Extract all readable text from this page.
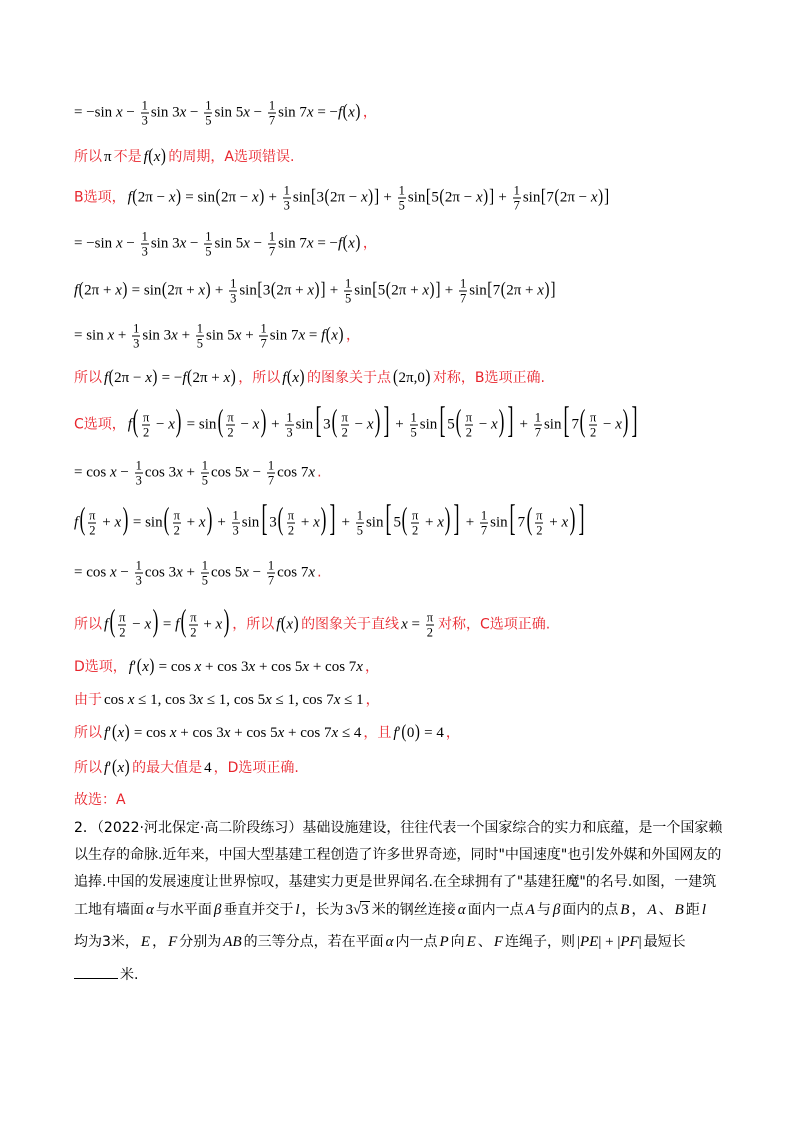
= −sin $x - \frac{1}{3}$ $\sin 3x - \frac{1}{5}$ $\sin 5x - \frac{1}{7}$ sin 7x = −f(x) ，
所以 π 不是 f(x) 的周期，A选项错误.
B选项， $f(2\pi - x) = \sin(2\pi - x) + \frac{1}{3} \sin[3(2\pi - x)] + \frac{1}{5} \sin[5(2\pi - x)] + \frac{1}{7} \sin[7(2\pi - x)]$
= −sin $x - \frac{1}{3}$ $\sin 3x - \frac{1}{5}$ $\sin 5x - \frac{1}{7}$ sin 7x = −f(x) ，
$f(2\pi + x) = \sin(2\pi + x) + \frac{1}{3} \sin[3(2\pi + x)] + \frac{1}{5} \sin[5(2\pi + x)] + \frac{1}{7} \sin[7(2\pi + x)]$
= $\sin x + \frac{1}{3}$ $\sin 3x + \frac{1}{5}$ $\sin 5x + \frac{1}{7}$ sin 7x = f(x) ，
所以 f(2π − x) = −f(2π + x) ，所以 f(x) 的图象关于点 (2π,0) 对称，B选项正确.
C选项， $f( \frac{\pi}{2} - x) = \sin( \frac{\pi}{2} - x) + \frac{1}{3}$ sin [ $3( \frac{\pi}{2} - x)$ ] + $\frac{1}{5}$ sin [ $5( \frac{\pi}{2} - x)$ ] + $\frac{1}{7}$ sin [ $7( \frac{\pi}{2} - x)$ ]
= $\cos x - \frac{1}{3}$ $\cos 3x + \frac{1}{5}$ $\cos 5x - \frac{1}{7}$ cos 7x .
$f( \frac{\pi}{2} + x) = \sin( \frac{\pi}{2} + x) + \frac{1}{3}$ sin [ $3( \frac{\pi}{2} + x)$ ] + $\frac{1}{5}$ sin [ $5( \frac{\pi}{2} + x)$ ] + $\frac{1}{7}$ sin [ $7( \frac{\pi}{2} + x)$ ]
= $\cos x - \frac{1}{3}$ $\cos 3x + \frac{1}{5}$ $\cos 5x - \frac{1}{7}$ cos 7x .
所以 $f( \frac{\pi}{2} - x) = f( \frac{\pi}{2} + x)$ ，所以 f(x) 的图象关于直线 $x = \frac{\pi}{2}$ 对称，C选项正确.
D选项， f′(x) = cos x + cos 3x + cos 5x + cos 7x ，
由于 cos x ≤ 1, cos 3x ≤ 1, cos 5x ≤ 1, cos 7x ≤ 1 ，
所以 f′(x) = cos x + cos 3x + cos 5x + cos 7x ≤ 4 ，且 f′(0) = 4 ，
所以 f′(x) 的最大值是 4 ，D选项正确.
故选：A
2．（2022·河北保定·高二阶段练习）基础设施建设，往往代表一个国家综合的实力和底蕴，是一个国家赖
以生存的命脉.近年来，中国大型基建工程创造了许多世界奇迹，同时"中国速度"也引发外媒和外国网友的
追捧.中国的发展速度让世界惊叹，基建实力更是世界闻名.在全球拥有了"基建狂魔"的名号.如图，一建筑
工地有墙面 α 与水平面 β 垂直并交于 l ，长为 3√3 米的钢丝连接 α 面内一点 A 与 β 面内的点 B ， A 、 B 距 l
均为3米， E ， F 分别为 AB 的三等分点，若在平面 α 内一点 P 向 E 、 F 连绳子，则 |PE| + |PF| 最短长
米.
